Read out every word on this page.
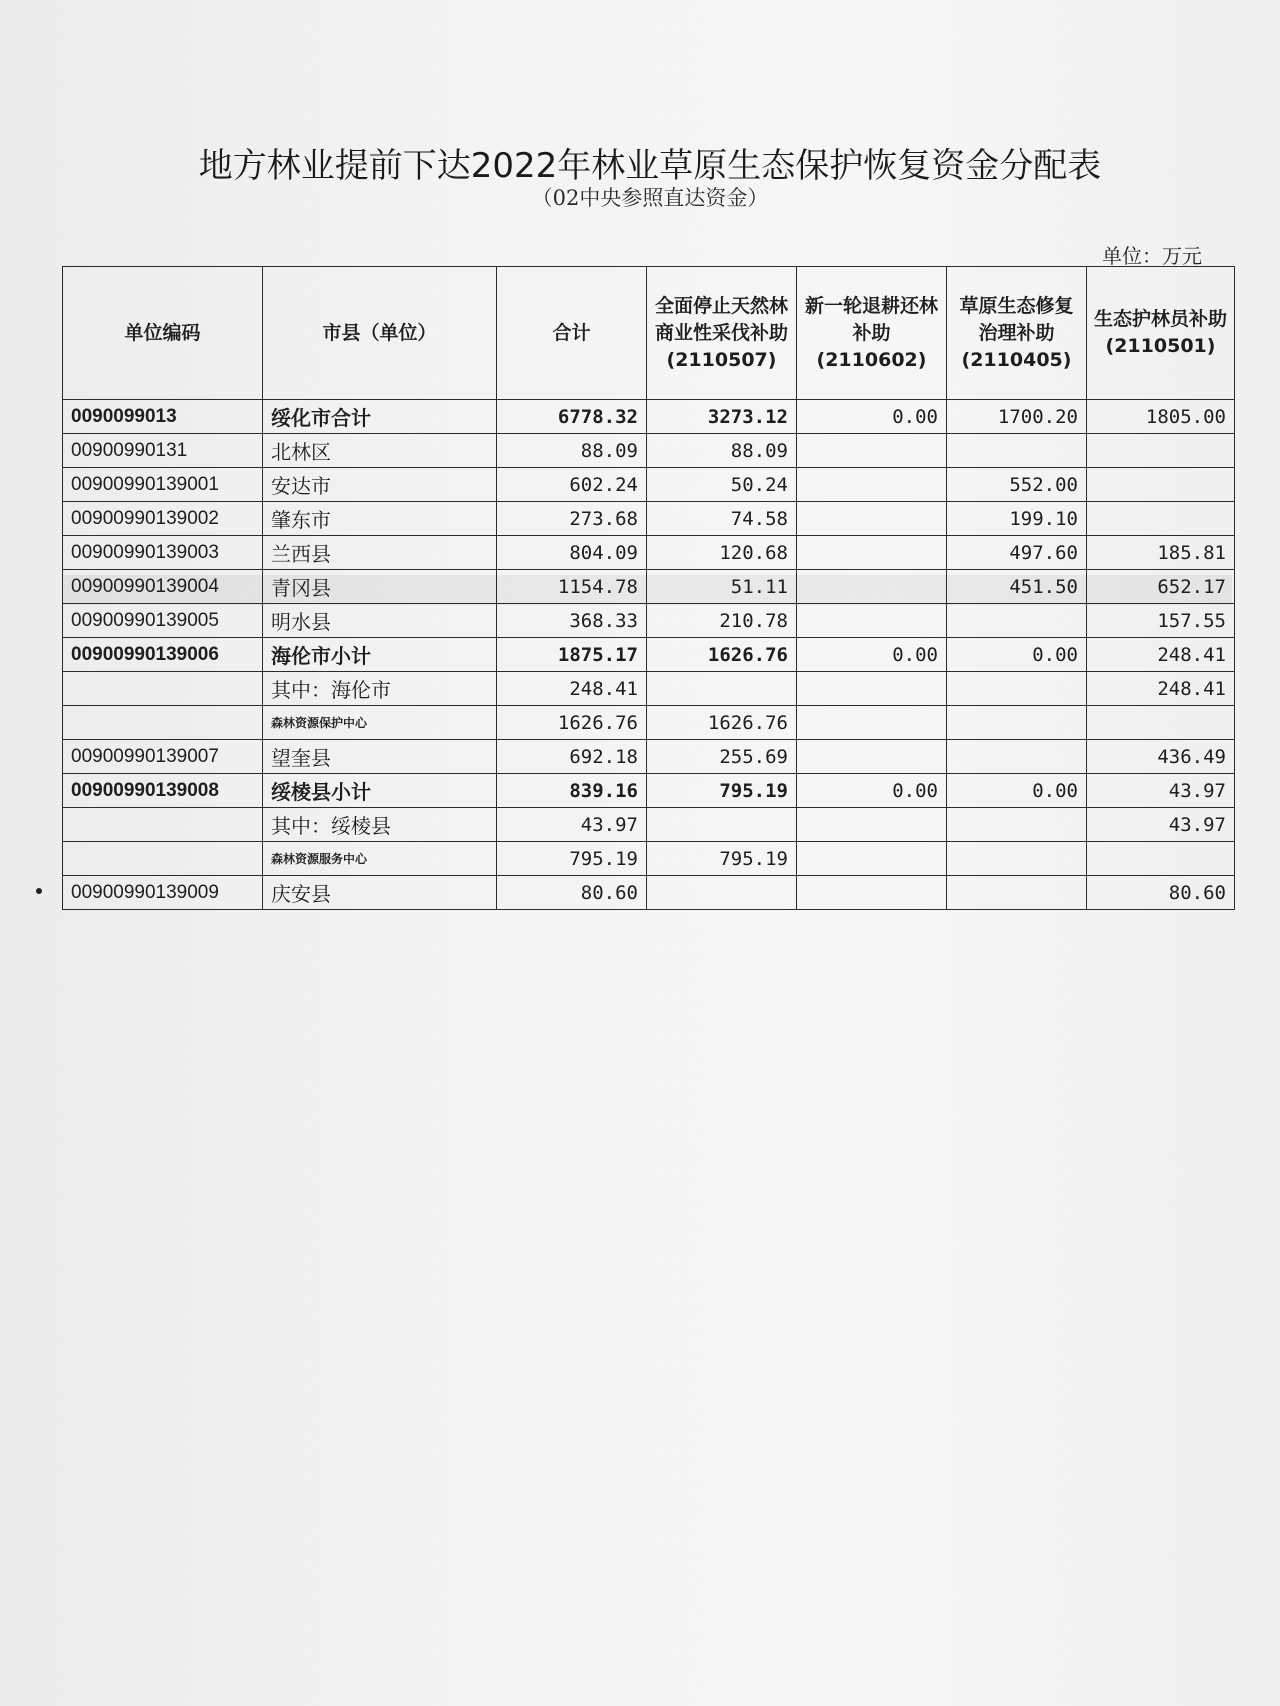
地方林业提前下达2022年林业草原生态保护恢复资金分配表
（02中央参照直达资金）
单位：万元
单位编码	市县（单位）	合计	全面停止天然林商业性采伐补助(2110507)	新一轮退耕还林补助(2110602)	草原生态修复治理补助(2110405)	生态护林员补助(2110501)
0090099013	绥化市合计	6778.32	3273.12	0.00	1700.20	1805.00
00900990131	北林区	88.09	88.09			
00900990139001	安达市	602.24	50.24		552.00	
00900990139002	肇东市	273.68	74.58		199.10	
00900990139003	兰西县	804.09	120.68		497.60	185.81
00900990139004	青冈县	1154.78	51.11		451.50	652.17
00900990139005	明水县	368.33	210.78			157.55
00900990139006	海伦市小计	1875.17	1626.76	0.00	0.00	248.41
	其中：海伦市	248.41				248.41
	森林资源保护中心	1626.76	1626.76			
00900990139007	望奎县	692.18	255.69			436.49
00900990139008	绥棱县小计	839.16	795.19	0.00	0.00	43.97
	其中：绥棱县	43.97				43.97
	森林资源服务中心	795.19	795.19			
00900990139009	庆安县	80.60				80.60
